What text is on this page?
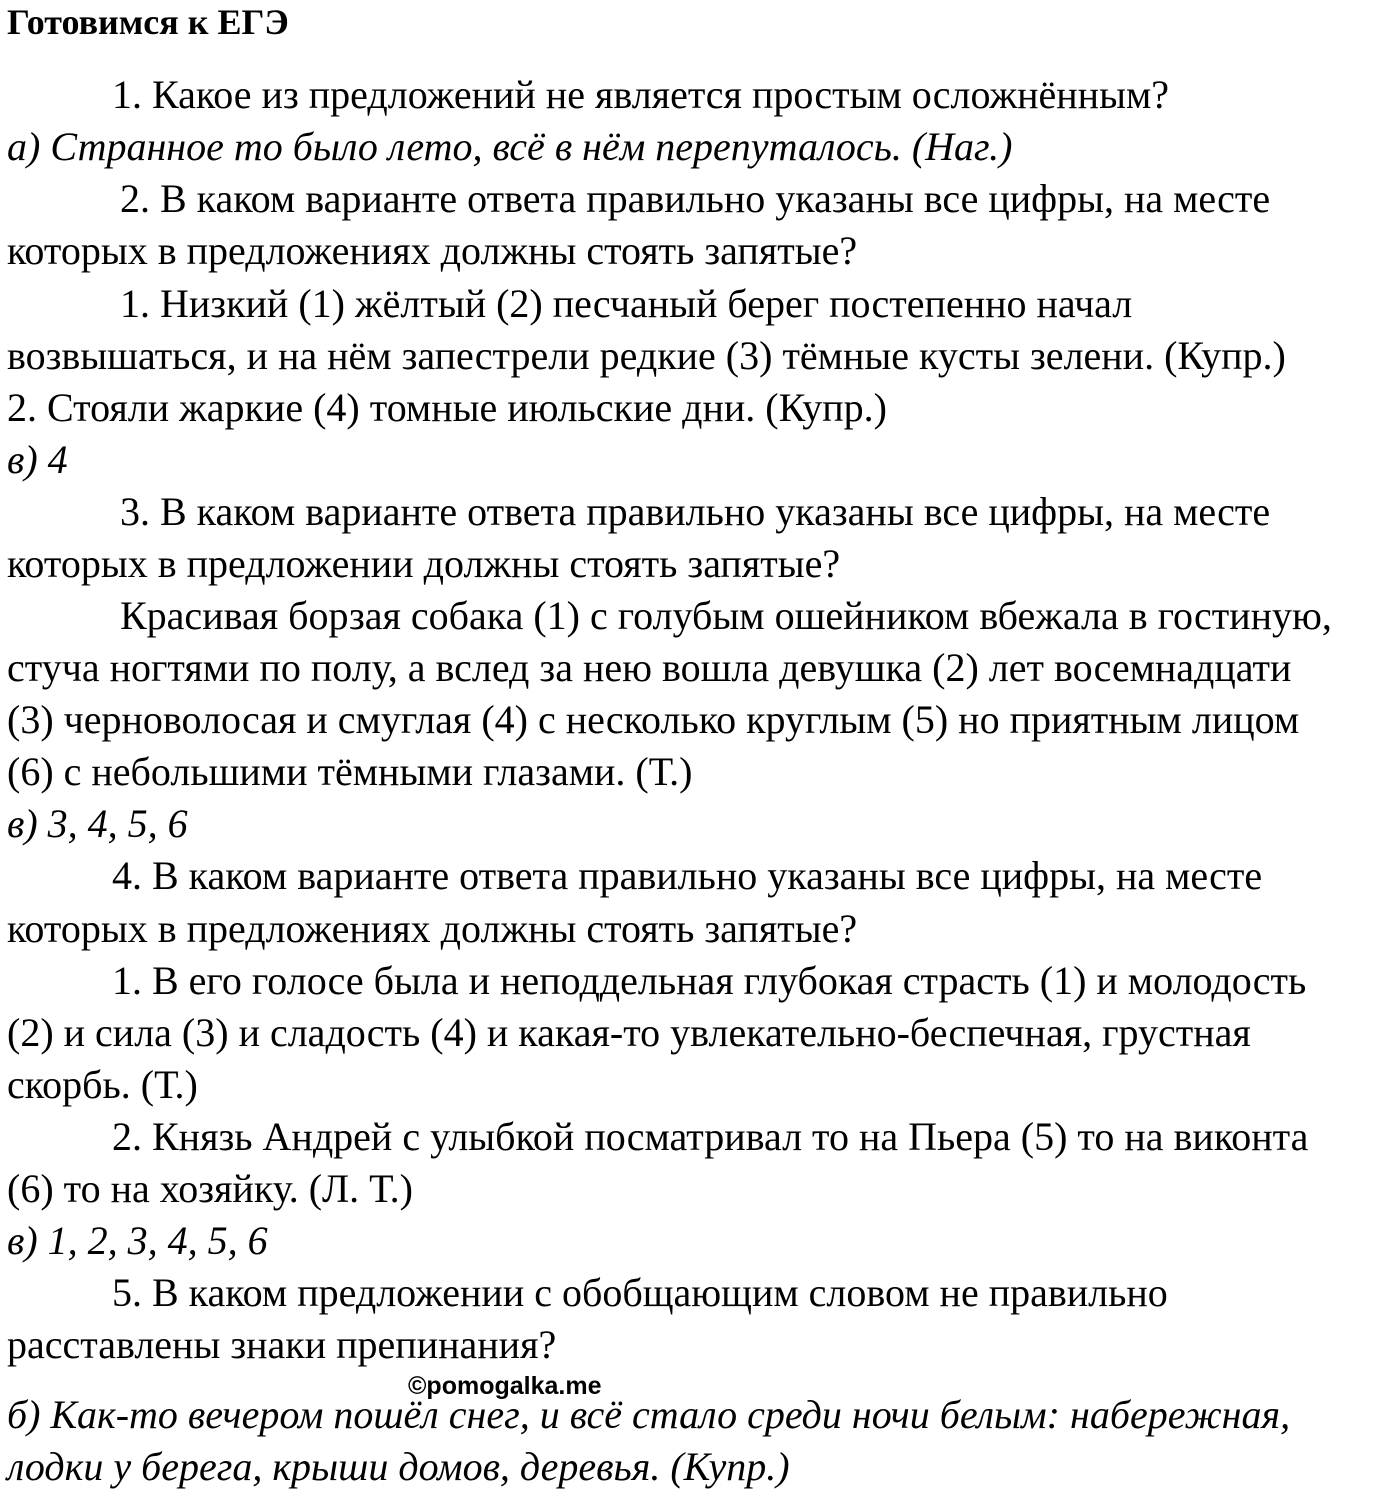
Готовимся к ЕГЭ
1. Какое из предложений не является простым осложнённым?
а) Странное то было лето, всё в нём перепуталось. (Наг.)
2. В каком варианте ответа правильно указаны все цифры, на месте
которых в предложениях должны стоять запятые?
1. Низкий (1) жёлтый (2) песчаный берег постепенно начал
возвышаться, и на нём запестрели редкие (3) тёмные кусты зелени. (Купр.)
2. Стояли жаркие (4) томные июльские дни. (Купр.)
в) 4
3. В каком варианте ответа правильно указаны все цифры, на месте
которых в предложении должны стоять запятые?
Красивая борзая собака (1) с голубым ошейником вбежала в гостиную,
стуча ногтями по полу, а вслед за нею вошла девушка (2) лет восемнадцати
(3) черноволосая и смуглая (4) с несколько круглым (5) но приятным лицом
(6) с небольшими тёмными глазами. (Т.)
в) 3, 4, 5, 6
4. В каком варианте ответа правильно указаны все цифры, на месте
которых в предложениях должны стоять запятые?
1. В его голосе была и неподдельная глубокая страсть (1) и молодость
(2) и сила (3) и сладость (4) и какая-то увлекательно-беспечная, грустная
скорбь. (Т.)
2. Князь Андрей с улыбкой посматривал то на Пьера (5) то на виконта
(6) то на хозяйку. (Л. Т.)
в) 1, 2, 3, 4, 5, 6
5. В каком предложении с обобщающим словом не правильно
расставлены знаки препинания?
б) Как-то вечером пошёл снег, и всё стало среди ночи белым: набережная,
лодки у берега, крыши домов, деревья. (Купр.)
©pomogalka.me
